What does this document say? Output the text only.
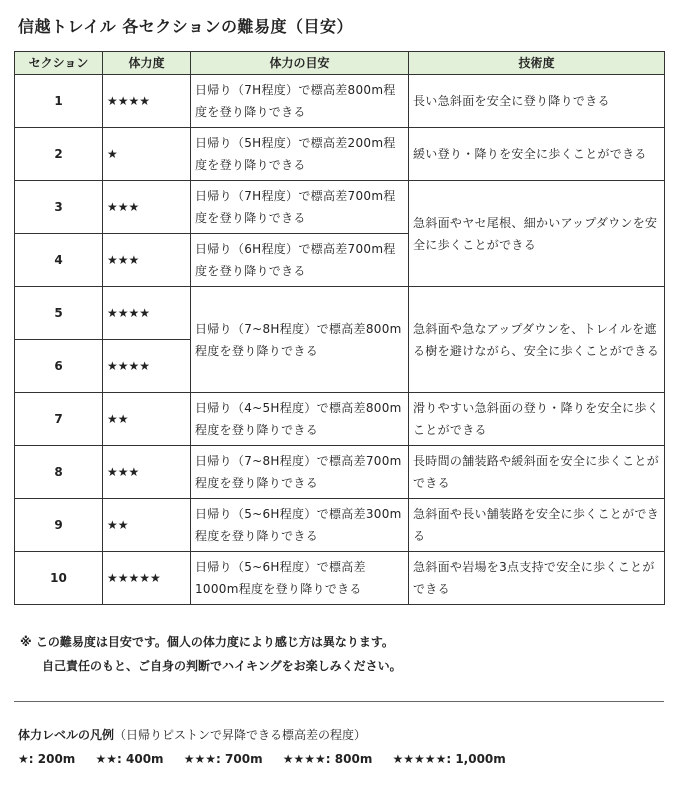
信越トレイル 各セクションの難易度（目安）
セクション	体力度	体力の目安	技術度
1	★★★★	日帰り（7H程度）で標高差800m程度を登り降りできる	長い急斜面を安全に登り降りできる
2	★	日帰り（5H程度）で標高差200m程度を登り降りできる	緩い登り・降りを安全に歩くことができる
3	★★★	日帰り（7H程度）で標高差700m程度を登り降りできる	急斜面やヤセ尾根、細かいアップダウンを安全に歩くことができる
4	★★★	日帰り（6H程度）で標高差700m程度を登り降りできる	
5	★★★★	日帰り（7~8H程度）で標高差800m程度を登り降りできる	急斜面や急なアップダウンを、トレイルを遮る樹を避けながら、安全に歩くことができる
6	★★★★		
7	★★	日帰り（4~5H程度）で標高差800m程度を登り降りできる	滑りやすい急斜面の登り・降りを安全に歩くことができる
8	★★★	日帰り（7~8H程度）で標高差700m程度を登り降りできる	長時間の舗装路や緩斜面を安全に歩くことができる
9	★★	日帰り（5~6H程度）で標高差300m程度を登り降りできる	急斜面や長い舗装路を安全に歩くことができる
10	★★★★★	日帰り（5~6H程度）で標高差1000m程度を登り降りできる	急斜面や岩場を3点支持で安全に歩くことができる

※ この難易度は目安です。個人の体力度により感じ方は異なります。
自己責任のもと、ご自身の判断でハイキングをお楽しみください。

体力レベルの凡例（日帰りピストンで昇降できる標高差の程度）

★: 200m ★★: 400m ★★★: 700m ★★★★: 800m ★★★★★: 1,000m
